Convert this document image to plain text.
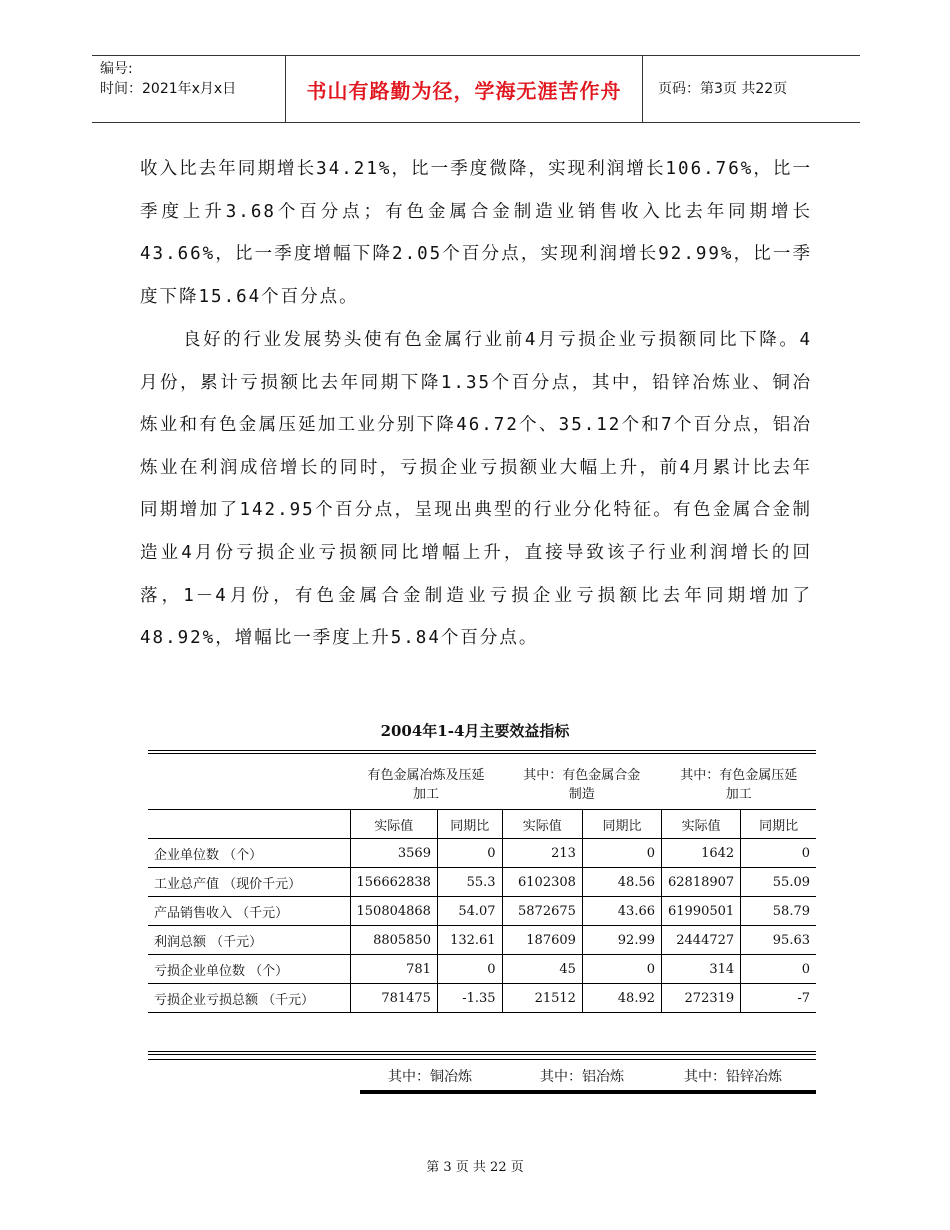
编号:
时间：2021年x月x日	书山有路勤为径，学海无涯苦作舟	页码：第3页 共22页

收入比去年同期增长34.21%，比一季度微降，实现利润增长106.76%，比一季度上升3.68个百分点；有色金属合金制造业销售收入比去年同期增长43.66%，比一季度增幅下降2.05个百分点，实现利润增长92.99%，比一季度下降15.64个百分点。

良好的行业发展势头使有色金属行业前4月亏损企业亏损额同比下降。4月份，累计亏损额比去年同期下降1.35个百分点，其中，铅锌冶炼业、铜冶炼业和有色金属压延加工业分别下降46.72个、35.12个和7个百分点，铝冶炼业在利润成倍增长的同时，亏损企业亏损额业大幅上升，前4月累计比去年同期增加了142.95个百分点，呈现出典型的行业分化特征。有色金属合金制造业4月份亏损企业亏损额同比增幅上升，直接导致该子行业利润增长的回落，1－4月份，有色金属合金制造业亏损企业亏损额比去年同期增加了48.92%，增幅比一季度上升5.84个百分点。

2004年1-4月主要效益指标
	有色金属冶炼及压延		其中：有色金属合金		其中：有色金属压延	
	加工		制造		加工	
	实际值	同期比	实际值	同期比	实际值	同期比
企业单位数 （个）	3569	0	213	0	1642	0
工业总产值 （现价千元）	156662838	55.3	6102308	48.56	62818907	55.09
产品销售收入 （千元）	150804868	54.07	5872675	43.66	61990501	58.79
利润总额 （千元）	8805850	132.61	187609	92.99	2444727	95.63
亏损企业单位数 （个）	781	0	45	0	314	0
亏损企业亏损总额 （千元）	781475	-1.35	21512	48.92	272319	-7
其中：铜冶炼	其中：铝冶炼	其中：铅锌冶炼
第 3 页 共 22 页
